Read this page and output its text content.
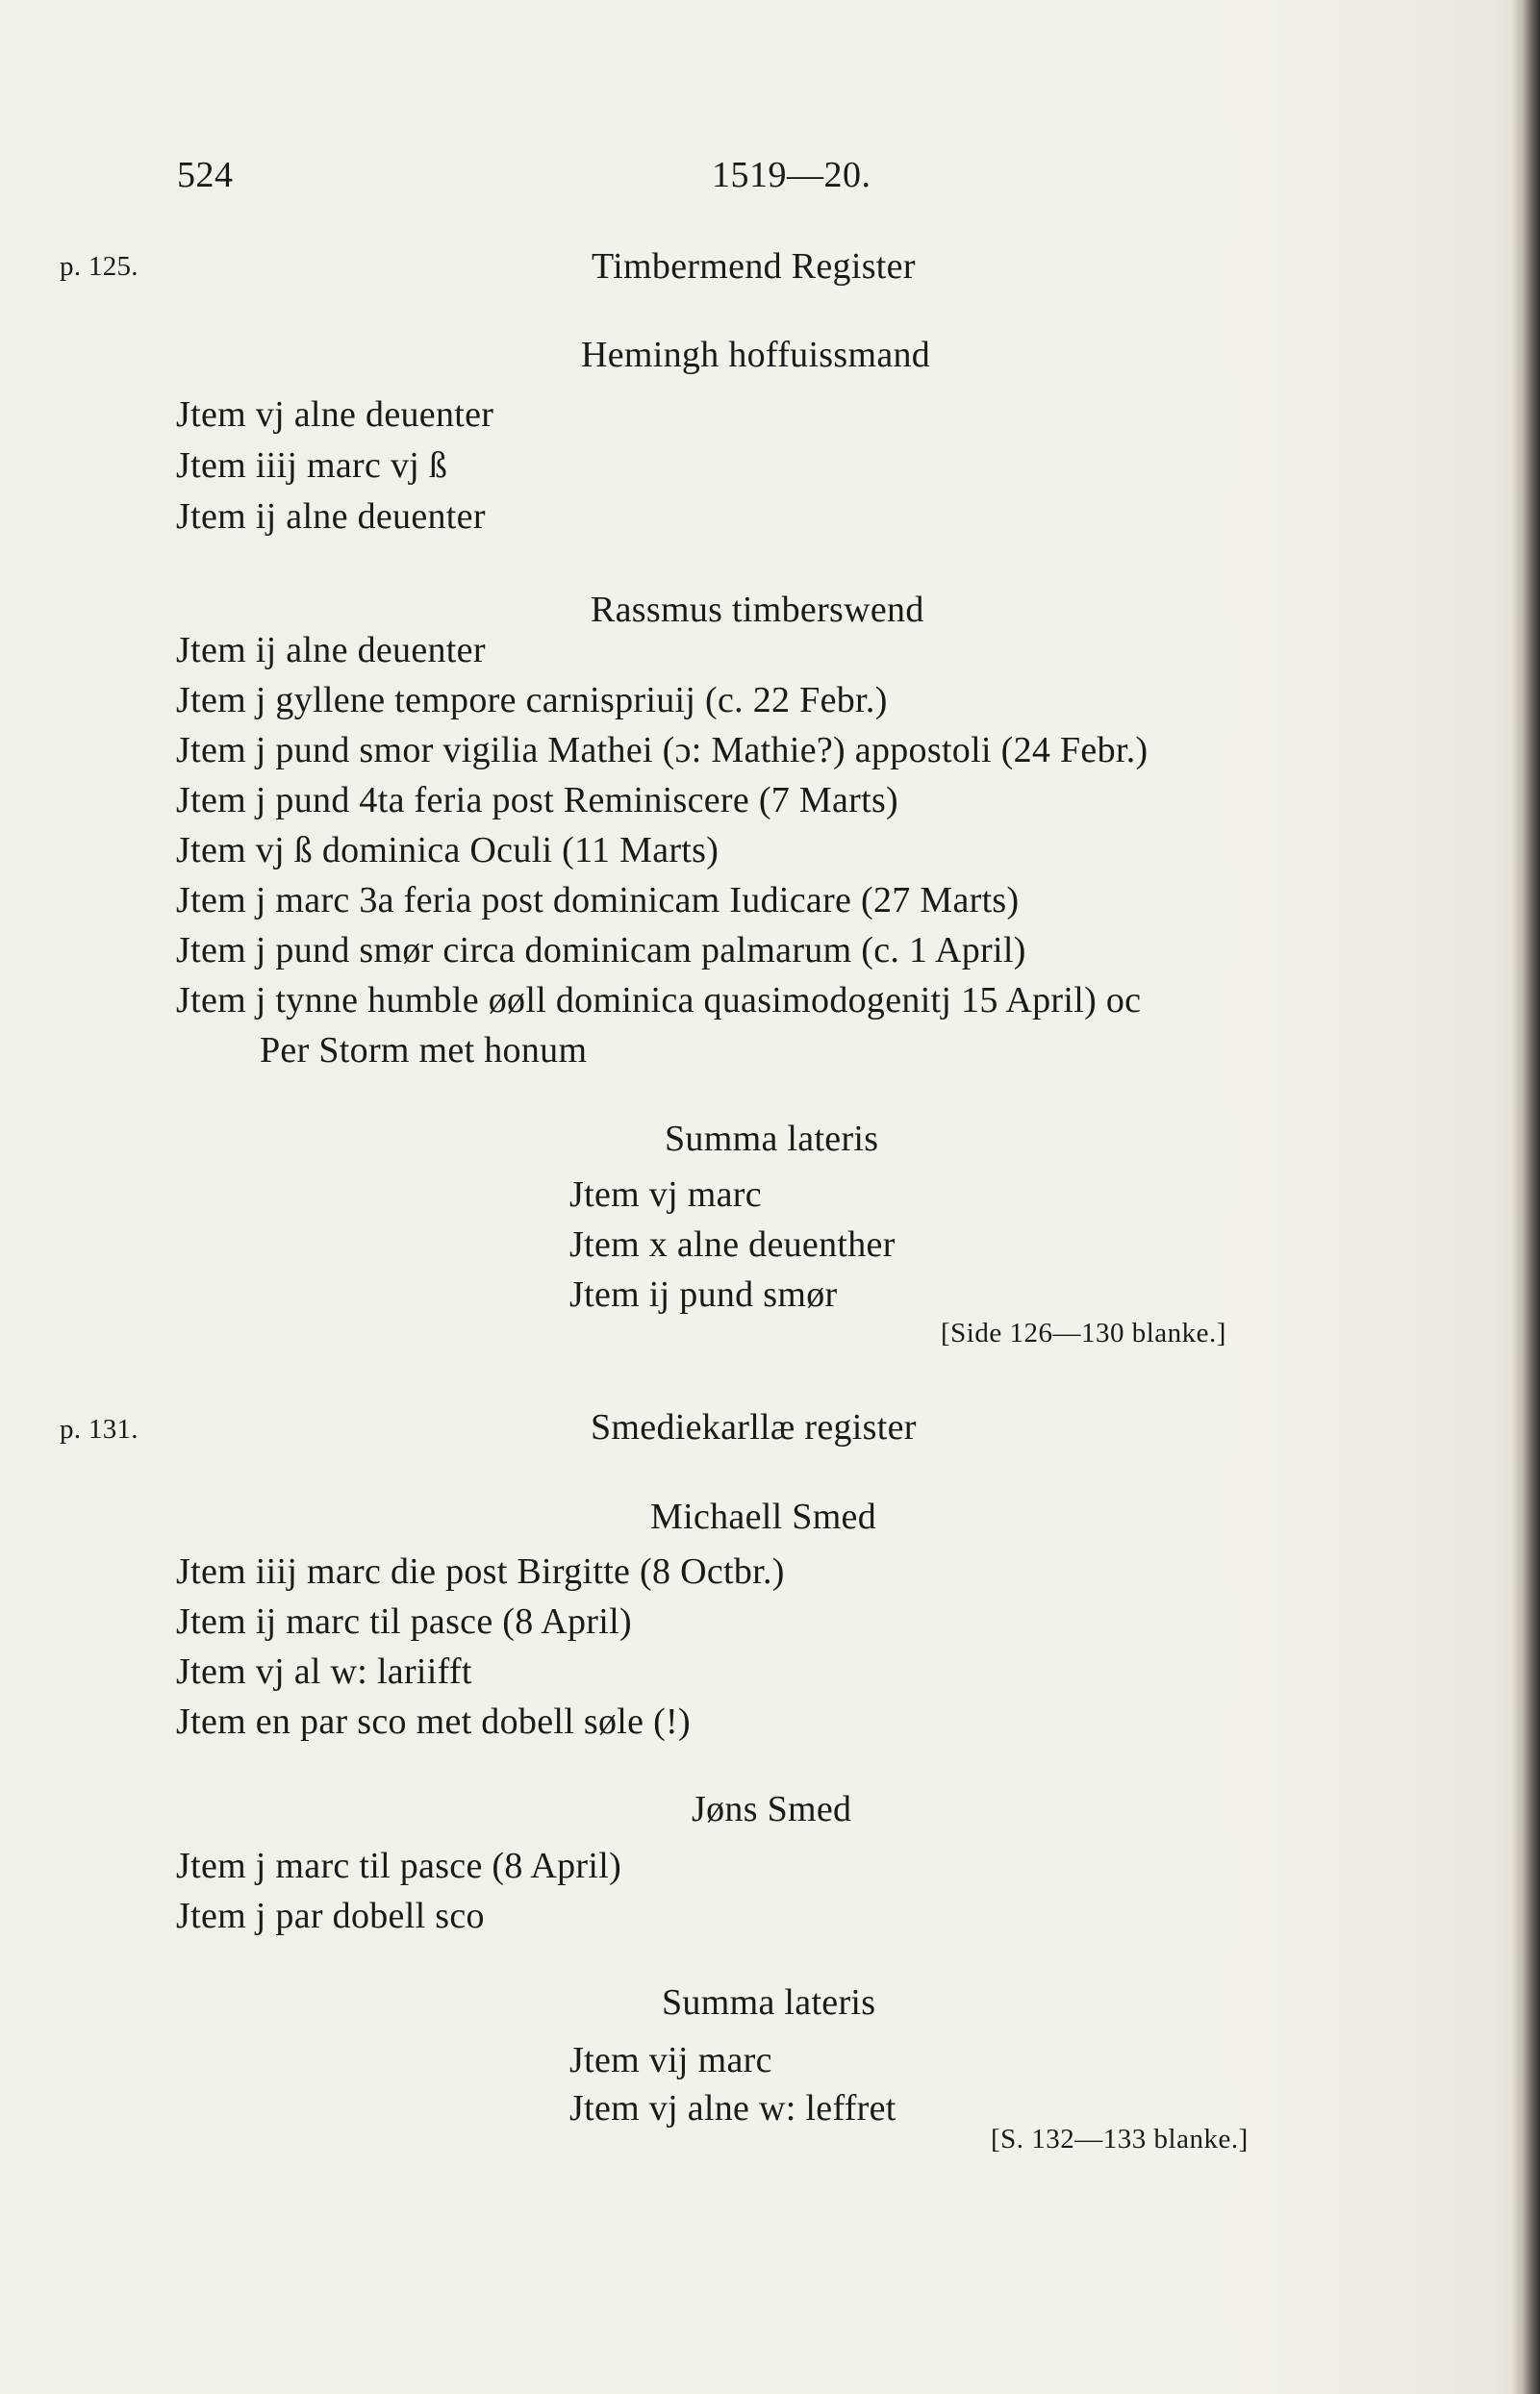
524	1519—20.
p. 125.	Timbermend Register
Hemingh hoffuissmand
Jtem vj alne deuenter
Jtem iiij marc vj ß
Jtem ij alne deuenter
Rassmus timberswend
Jtem ij alne deuenter
Jtem j gyllene tempore carnispriuij (c. 22 Febr.)
Jtem j pund smor vigilia Mathei (ɔ: Mathie?) appostoli (24 Febr.)
Jtem j pund 4ta feria post Reminiscere (7 Marts)
Jtem vj ß dominica Oculi (11 Marts)
Jtem j marc 3a feria post dominicam Iudicare (27 Marts)
Jtem j pund smør circa dominicam palmarum (c. 1 April)
Jtem j tynne humble øøll dominica quasimodogenitj 15 April) oc
Per Storm met honum
Summa lateris
Jtem vj marc
Jtem x alne deuenther
Jtem ij pund smør
[Side 126—130 blanke.]
p. 131.	Smediekarllæ register
Michaell Smed
Jtem iiij marc die post Birgitte (8 Octbr.)
Jtem ij marc til pasce (8 April)
Jtem vj al w: lariifft
Jtem en par sco met dobell søle (!)
Jøns Smed
Jtem j marc til pasce (8 April)
Jtem j par dobell sco
Summa lateris
Jtem vij marc
Jtem vj alne w: leffret
[S. 132—133 blanke.]
